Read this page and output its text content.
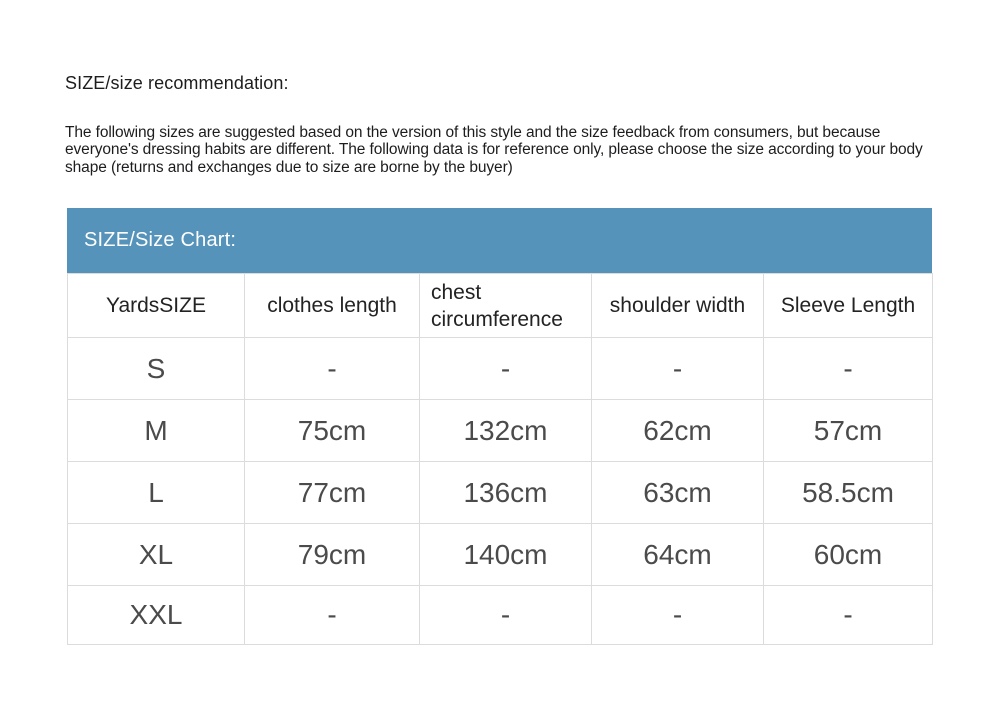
SIZE/size recommendation:
The following sizes are suggested based on the version of this style and the size feedback from consumers, but because everyone's dressing habits are different. The following data is for reference only, please choose the size according to your body shape (returns and exchanges due to size are borne by the buyer)
SIZE/Size Chart:
YardsSIZE	clothes length	chest circumference	shoulder width	Sleeve Length
S	-	-	-	-
M	75cm	132cm	62cm	57cm
L	77cm	136cm	63cm	58.5cm
XL	79cm	140cm	64cm	60cm
XXL	-	-	-	-
